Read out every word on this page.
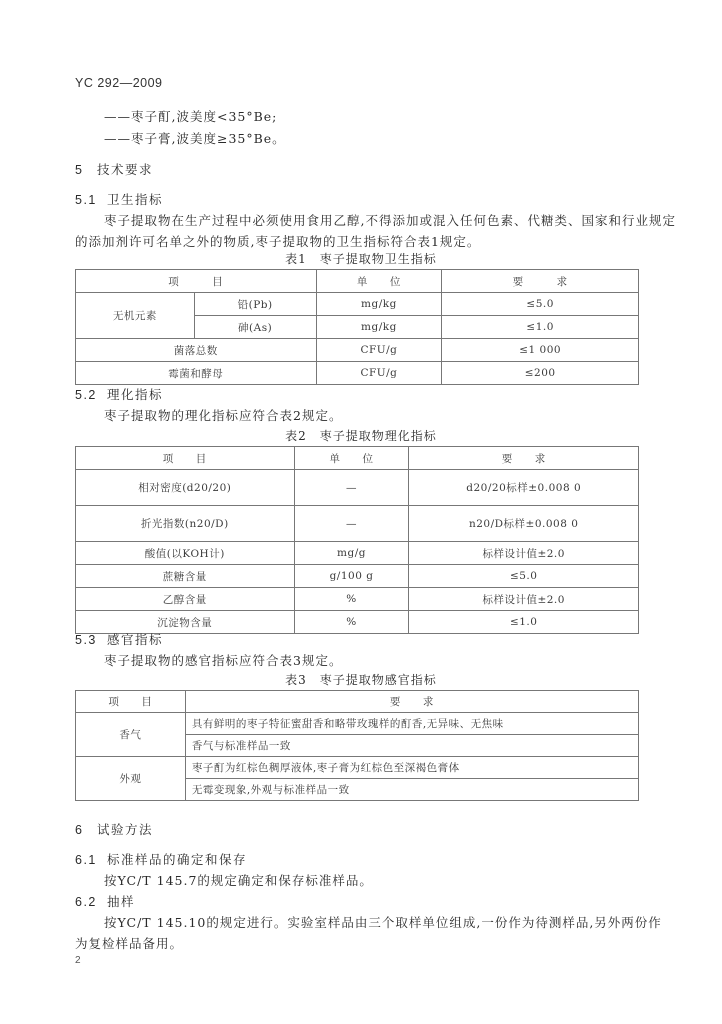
YC 292—2009
——枣子酊,波美度<35°Be;
——枣子膏,波美度≥35°Be。
5 技术要求
5.1 卫生指标
枣子提取物在生产过程中必须使用食用乙醇,不得添加或混入任何色素、代糖类、国家和行业规定
的添加剂许可名单之外的物质,枣子提取物的卫生指标符合表1规定。
表1　枣子提取物卫生指标
项　　　目		单　　位	要　　　求
无机元素	铅(Pb)	mg/kg	≤5.0
	砷(As)	mg/kg	≤1.0
菌落总数		CFU/g	≤1 000
霉菌和酵母		CFU/g	≤200
5.2 理化指标
枣子提取物的理化指标应符合表2规定。
表2　枣子提取物理化指标
项　　目	单　　位	要　　求
相对密度(d20/20)	—	d20/20标样±0.008 0
折光指数(n20/D)	—	n20/D标样±0.008 0
酸值(以KOH计)	mg/g	标样设计值±2.0
蔗糖含量	g/100 g	≤5.0
乙醇含量	%	标样设计值±2.0
沉淀物含量	%	≤1.0
5.3 感官指标
枣子提取物的感官指标应符合表3规定。
表3　枣子提取物感官指标
项　　目	要　　求
香气	具有鲜明的枣子特征蜜甜香和略带玫瑰样的酊香,无异味、无焦味
	香气与标准样品一致
外观	枣子酊为红棕色稠厚液体,枣子膏为红棕色至深褐色膏体
	无霉变现象,外观与标准样品一致
6 试验方法
6.1 标准样品的确定和保存
按YC/T 145.7的规定确定和保存标准样品。
6.2 抽样
按YC/T 145.10的规定进行。实验室样品由三个取样单位组成,一份作为待测样品,另外两份作
为复检样品备用。
2
